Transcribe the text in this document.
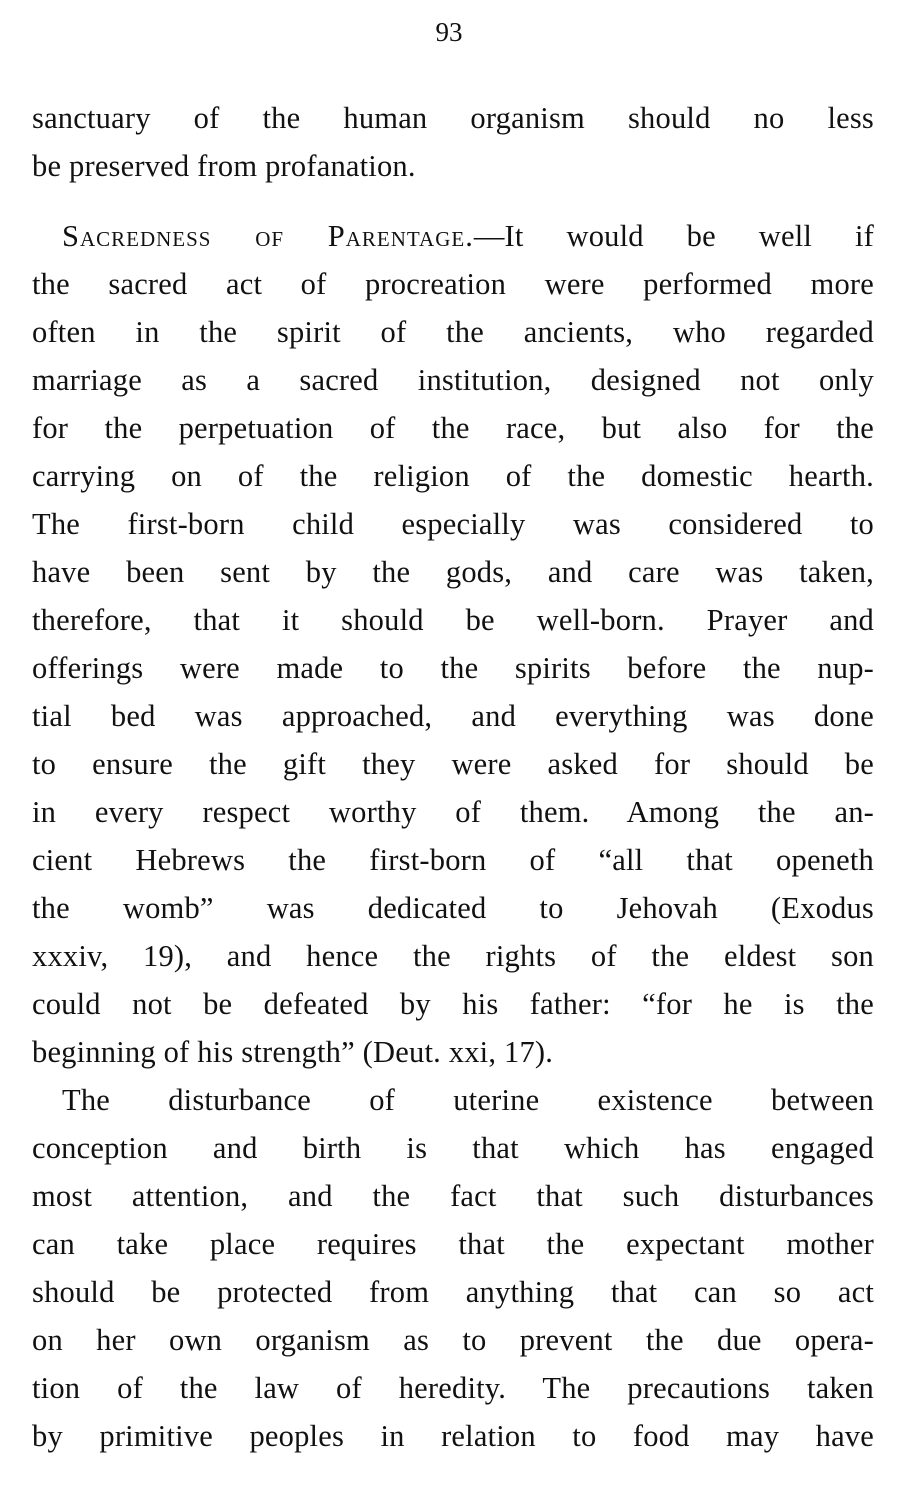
93
sanctuary of the human organism should no less
be preserved from profanation.
Sacredness of Parentage.—It would be well if
the sacred act of procreation were performed more
often in the spirit of the ancients, who regarded
marriage as a sacred institution, designed not only
for the perpetuation of the race, but also for the
carrying on of the religion of the domestic hearth.
The first-born child especially was considered to
have been sent by the gods, and care was taken,
therefore, that it should be well-born. Prayer and
offerings were made to the spirits before the nup-
tial bed was approached, and everything was done
to ensure the gift they were asked for should be
in every respect worthy of them. Among the an-
cient Hebrews the first-born of “all that openeth
the womb” was dedicated to Jehovah (Exodus
xxxiv, 19), and hence the rights of the eldest son
could not be defeated by his father: “for he is the
beginning of his strength” (Deut. xxi, 17).
The disturbance of uterine existence between
conception and birth is that which has engaged
most attention, and the fact that such disturbances
can take place requires that the expectant mother
should be protected from anything that can so act
on her own organism as to prevent the due opera-
tion of the law of heredity. The precautions taken
by primitive peoples in relation to food may have
